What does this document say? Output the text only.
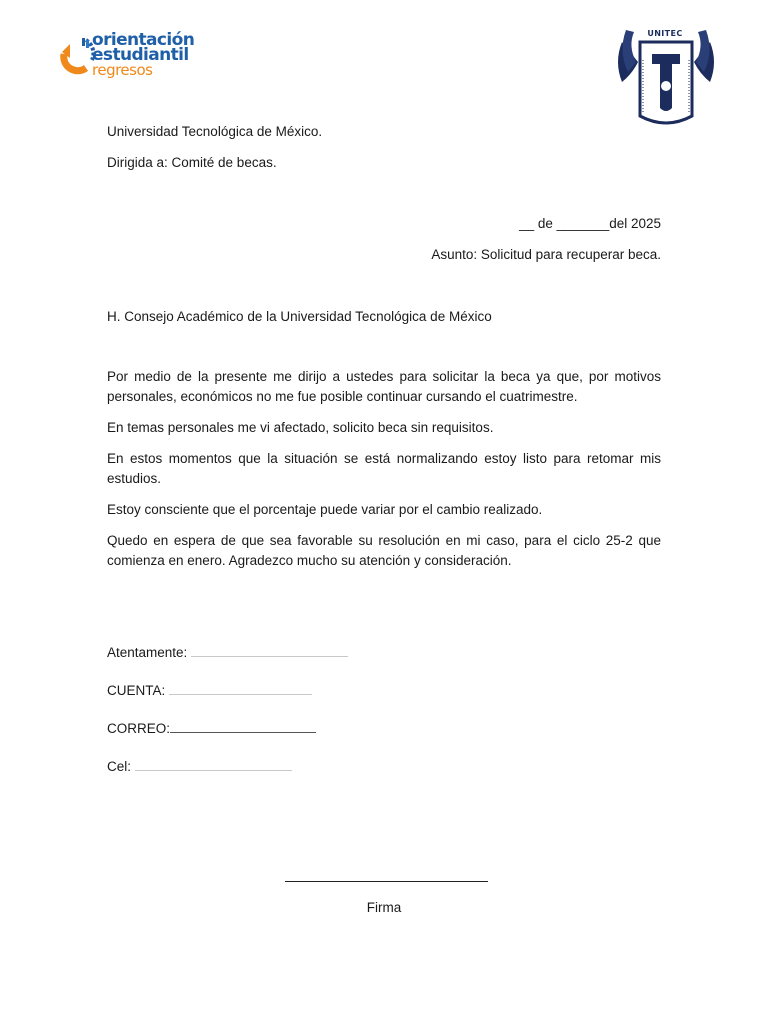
orientación
estudiantil
regresos
UNITEC
Universidad Tecnológica de México.
Dirigida a: Comité de becas.
__ de _______del 2025
Asunto: Solicitud para recuperar beca.
H. Consejo Académico de la Universidad Tecnológica de México
Por medio de la presente me dirijo a ustedes para solicitar la beca ya que, por motivos personales, económicos no me fue posible continuar cursando el cuatrimestre.
En temas personales me vi afectado, solicito beca sin requisitos.
En estos momentos que la situación se está normalizando estoy listo para retomar mis estudios.
Estoy consciente que el porcentaje puede variar por el cambio realizado.
Quedo en espera de que sea favorable su resolución en mi caso, para el ciclo 25-2 que comienza en enero. Agradezco mucho su atención y consideración.
Atentamente:
CUENTA:
CORREO:
Cel:
Firma
